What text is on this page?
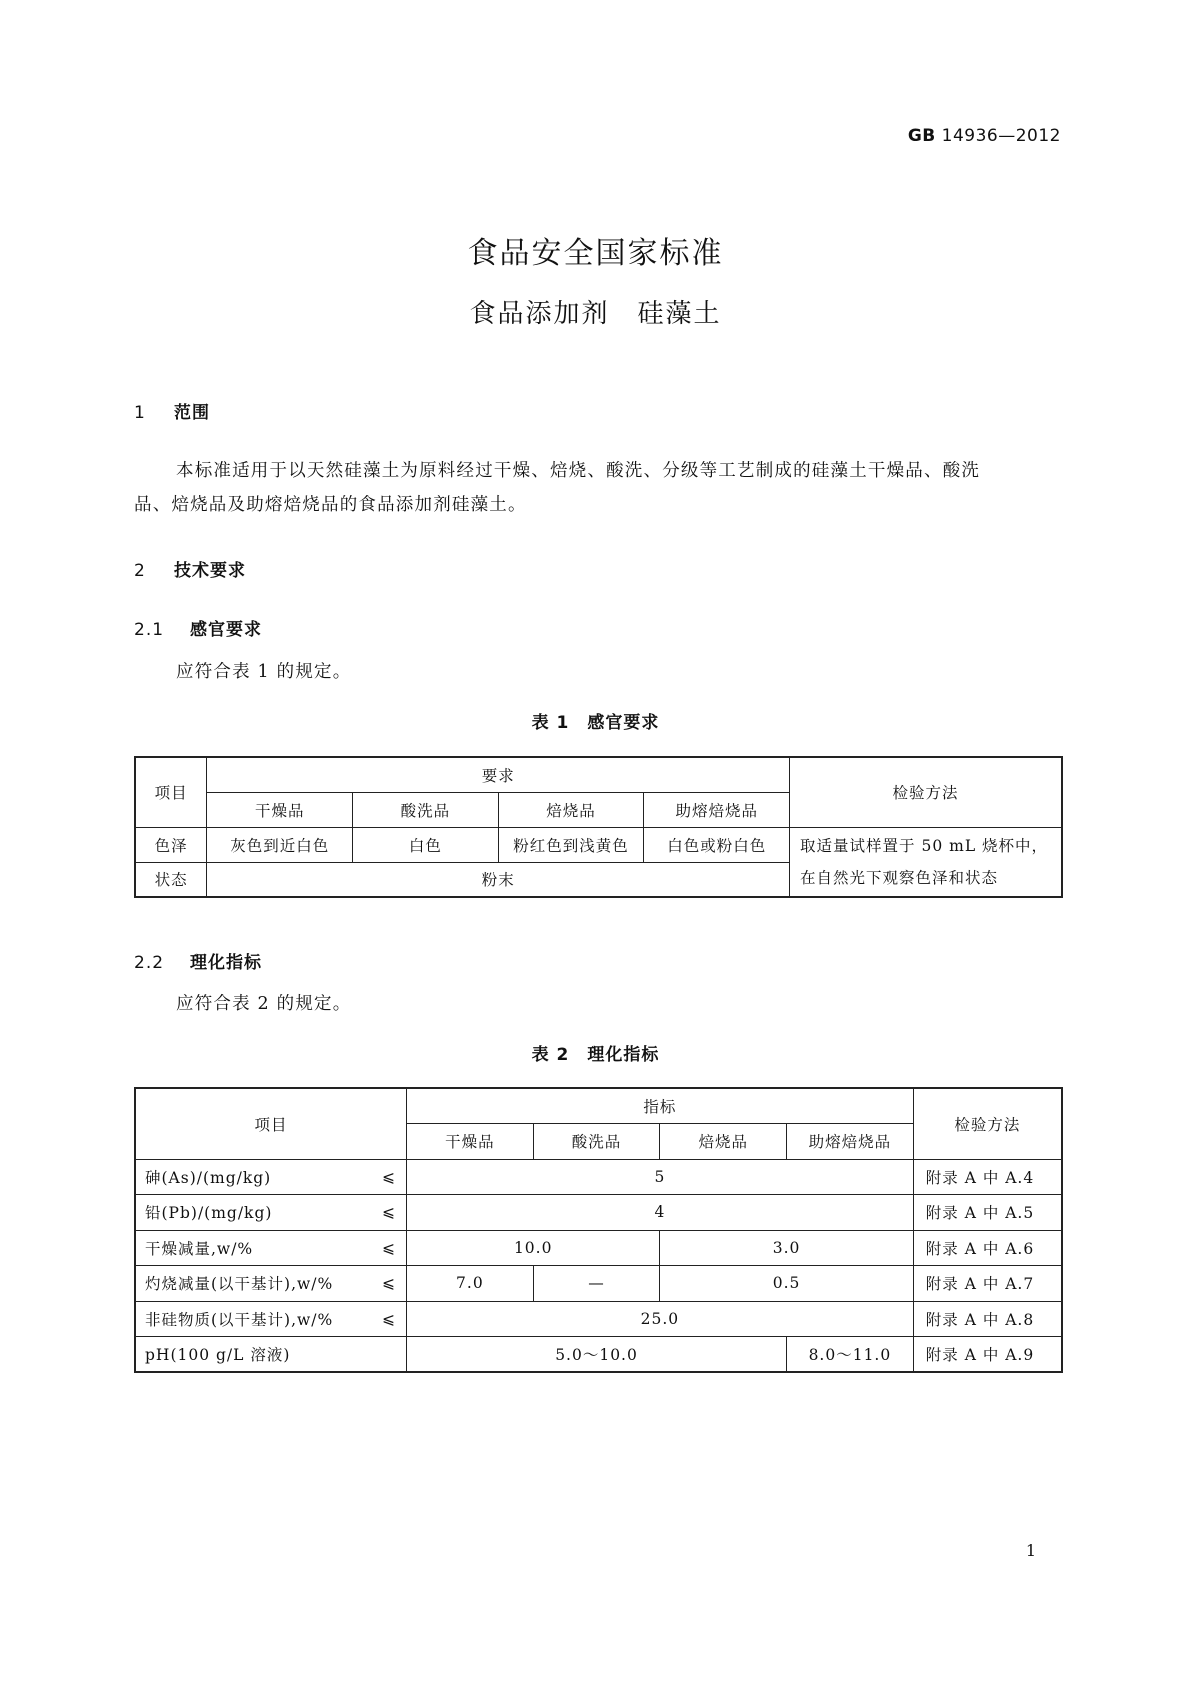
GB 14936—2012
食品安全国家标准
食品添加剂　硅藻土
1 范围
本标准适用于以天然硅藻土为原料经过干燥、焙烧、酸洗、分级等工艺制成的硅藻土干燥品、酸洗
品、焙烧品及助熔焙烧品的食品添加剂硅藻土。
2 技术要求
2.1 感官要求
应符合表 1 的规定。
表 1　感官要求
项目	要求				检验方法
	干燥品	酸洗品	焙烧品	助熔焙烧品	
色泽	灰色到近白色	白色	粉红色到浅黄色	白色或粉白色	取适量试样置于 50 mL 烧杯中，
在自然光下观察色泽和状态

状态	粉末				
2.2 理化指标
应符合表 2 的规定。
表 2　理化指标
项目	指标				检验方法
	干燥品	酸洗品	焙烧品	助熔焙烧品	
砷(As)/(mg/kg) ⩽	5				附录 A 中 A.4
铅(Pb)/(mg/kg) ⩽	4				附录 A 中 A.5
干燥减量,w/% ⩽	10.0		3.0		附录 A 中 A.6
灼烧减量(以干基计),w/% ⩽	7.0	—	0.5		附录 A 中 A.7
非硅物质(以干基计),w/% ⩽	25.0				附录 A 中 A.8
pH(100 g/L 溶液)	5.0～10.0			8.0～11.0	附录 A 中 A.9
1
